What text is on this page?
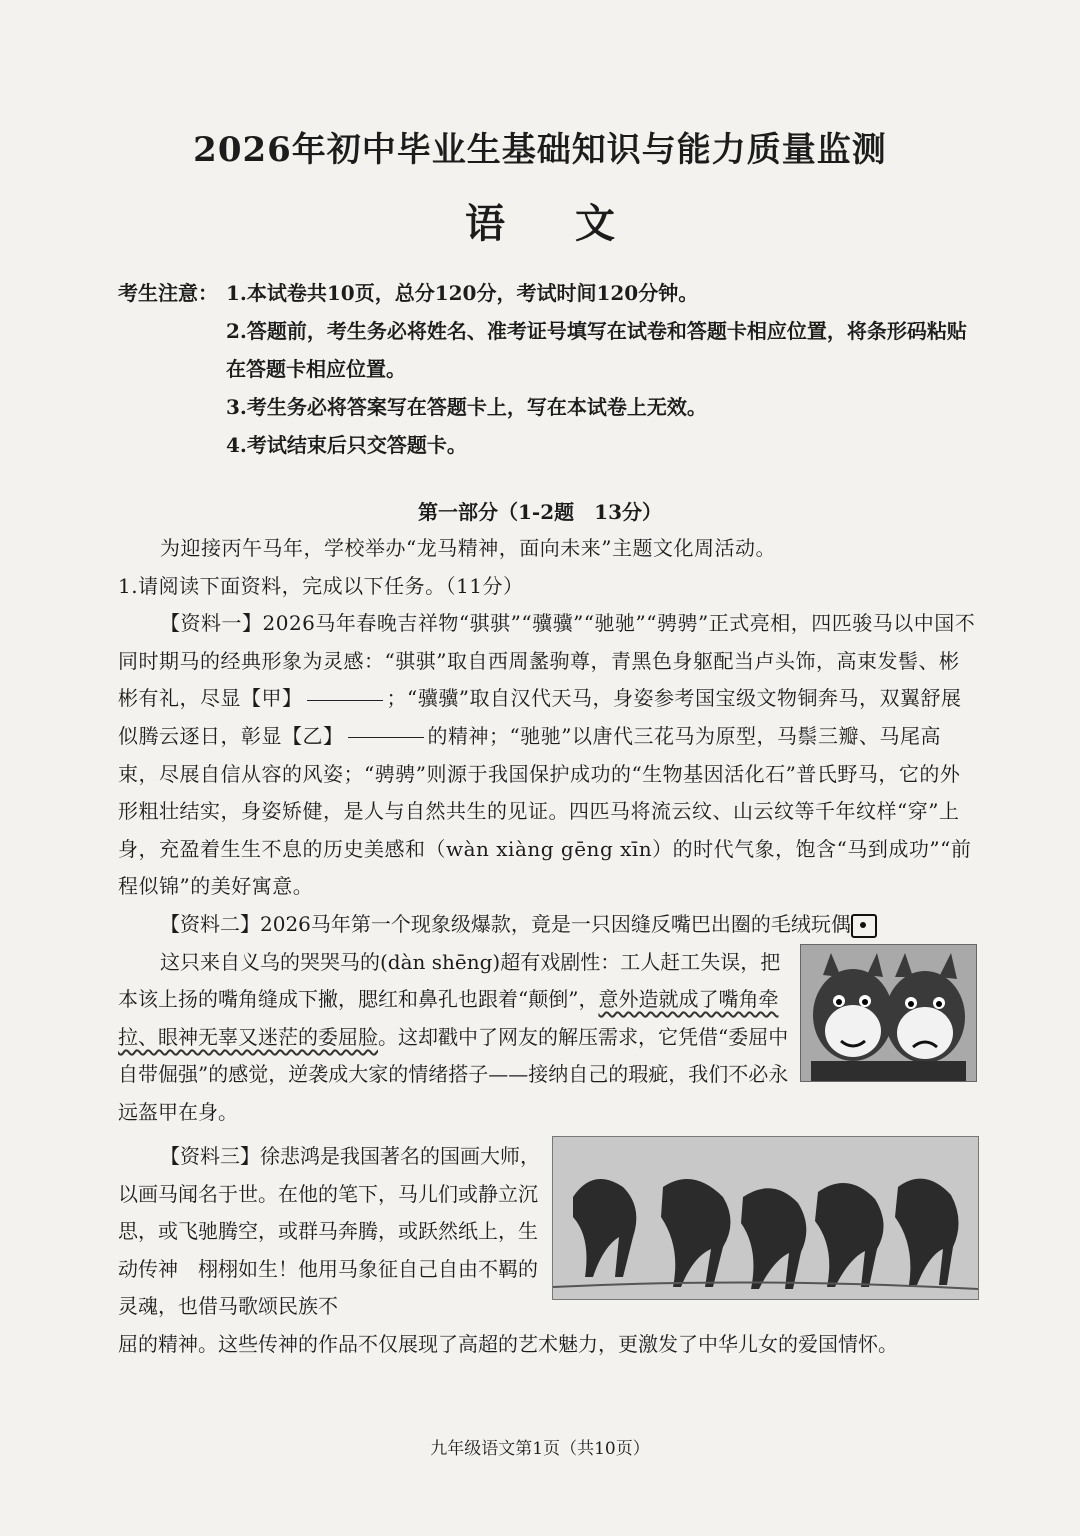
2026年初中毕业生基础知识与能力质量监测
语文
考生注意： 1.本试卷共10页，总分120分，考试时间120分钟。

2.答题前，考生务必将姓名、准考证号填写在试卷和答题卡相应位置，将条形码粘贴在答题卡相应位置。

3.考生务必将答案写在答题卡上，写在本试卷上无效。

4.考试结束后只交答题卡。

第一部分（1-2题　13分）

为迎接丙午马年，学校举办“龙马精神，面向未来”主题文化周活动。

1.请阅读下面资料，完成以下任务。（11分）

【资料一】2026马年春晚吉祥物“骐骐”“骥骥”“驰驰”“骋骋”正式亮相，四匹骏马以中国不同时期马的经典形象为灵感：“骐骐”取自西周盠驹尊，青黑色身躯配当卢头饰，高束发髻、彬彬有礼，尽显【甲】	；“骥骥”取自汉代天马，身姿参考国宝级文物铜奔马，双翼舒展似腾云逐日，彰显【乙】	的精神；“驰驰”以唐代三花马为原型，马鬃三瓣、马尾高束，尽展自信从容的风姿；“骋骋”则源于我国保护成功的“生物基因活化石”普氏野马，它的外形粗壮结实，身姿矫健，是人与自然共生的见证。四匹马将流云纹、山云纹等千年纹样“穿”上身，充盈着生生不息的历史美感和（wàn xiàng gēng xīn）的时代气象，饱含“马到成功”“前程似锦”的美好寓意。

【资料二】2026马年第一个现象级爆款，竟是一只因缝反嘴巴出圈的毛绒玩偶

这只来自义乌的哭哭马的(dàn shēng)超有戏剧性：工人赶工失误，把本该上扬的嘴角缝成下撇，腮红和鼻孔也跟着“颠倒”，意外造就成了嘴角牵拉、眼神无辜又迷茫的委屈脸。这却戳中了网友的解压需求，它凭借“委屈中自带倔强”的感觉，逆袭成大家的情绪搭子——接纳自己的瑕疵，我们不必永远盔甲在身。

【资料三】徐悲鸿是我国著名的国画大师，以画马闻名于世。在他的笔下，马儿们或静立沉思，或飞驰腾空，或群马奔腾，或跃然纸上，生动传神　栩栩如生！他用马象征自己自由不羁的灵魂，也借马歌颂民族不

屈的精神。这些传神的作品不仅展现了高超的艺术魅力，更激发了中华儿女的爱国情怀。

九年级语文第1页（共10页）
